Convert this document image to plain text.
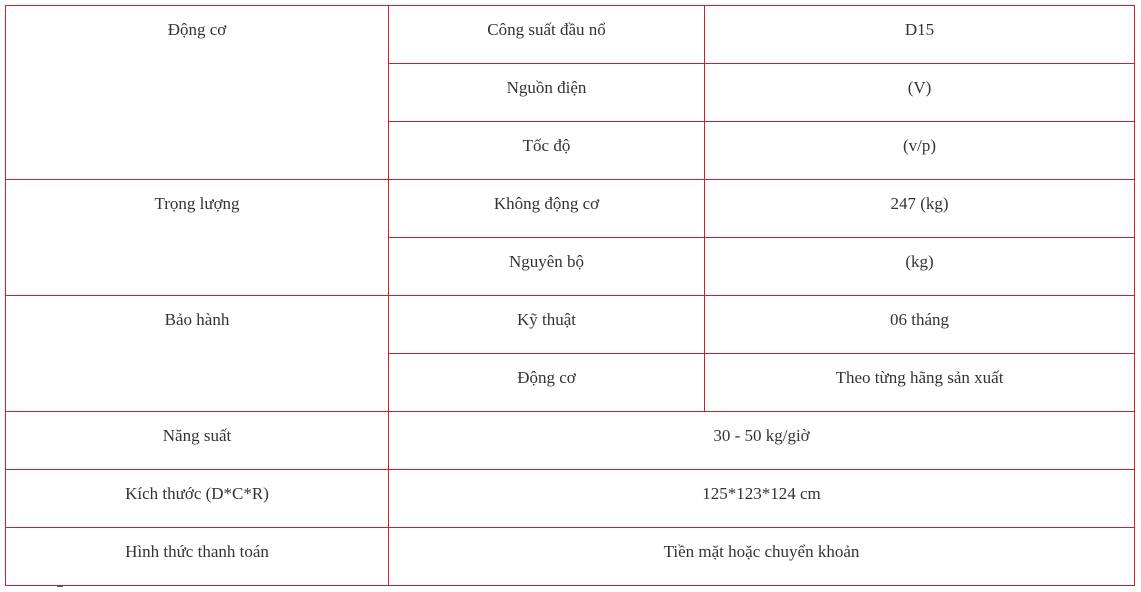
Động cơ	Công suất đầu nổ	D15

	Nguồn điện	(V)

	Tốc độ	(v/p)

Trọng lượng	Không động cơ	247 (kg)

	Nguyên bộ	(kg)

Bảo hành	Kỹ thuật	06 tháng

	Động cơ	Theo từng hãng sản xuất

Năng suất	30 - 50 kg/giờ	

Kích thước (D*C*R)	125*123*124 cm	

Hình thức thanh toán	Tiền mặt hoặc chuyển khoản	
